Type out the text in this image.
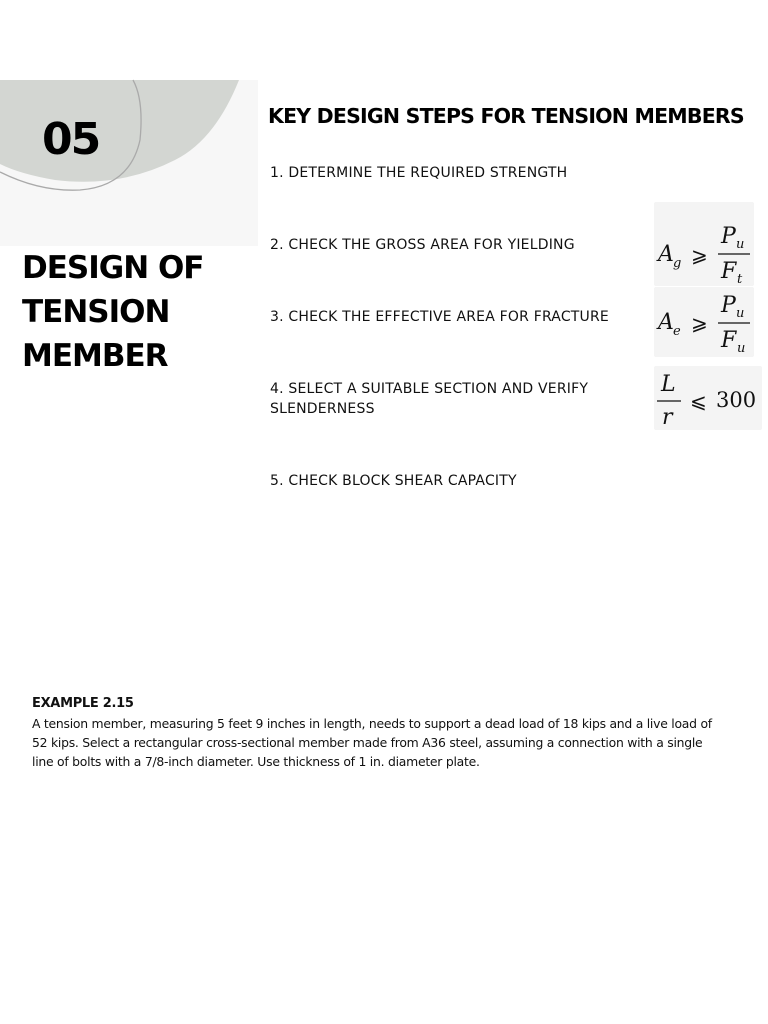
05
DESIGN OF
TENSION
MEMBER
KEY DESIGN STEPS FOR TENSION MEMBERS
1. DETERMINE THE REQUIRED STRENGTH
2. CHECK THE GROSS AREA FOR YIELDING
3. CHECK THE EFFECTIVE AREA FOR FRACTURE
4. SELECT A SUITABLE SECTION AND VERIFY SLENDERNESS
5. CHECK BLOCK SHEAR CAPACITY
A g ⩾
P u
F t
A e ⩾
P u
F u
L
r
⩽ 300
EXAMPLE 2.15
A tension member, measuring 5 feet 9 inches in length, needs to support a dead load of 18 kips and a live load of 52 kips. Select a rectangular cross-sectional member made from A36 steel, assuming a connection with a single line of bolts with a 7/8-inch diameter. Use thickness of 1 in. diameter plate.
